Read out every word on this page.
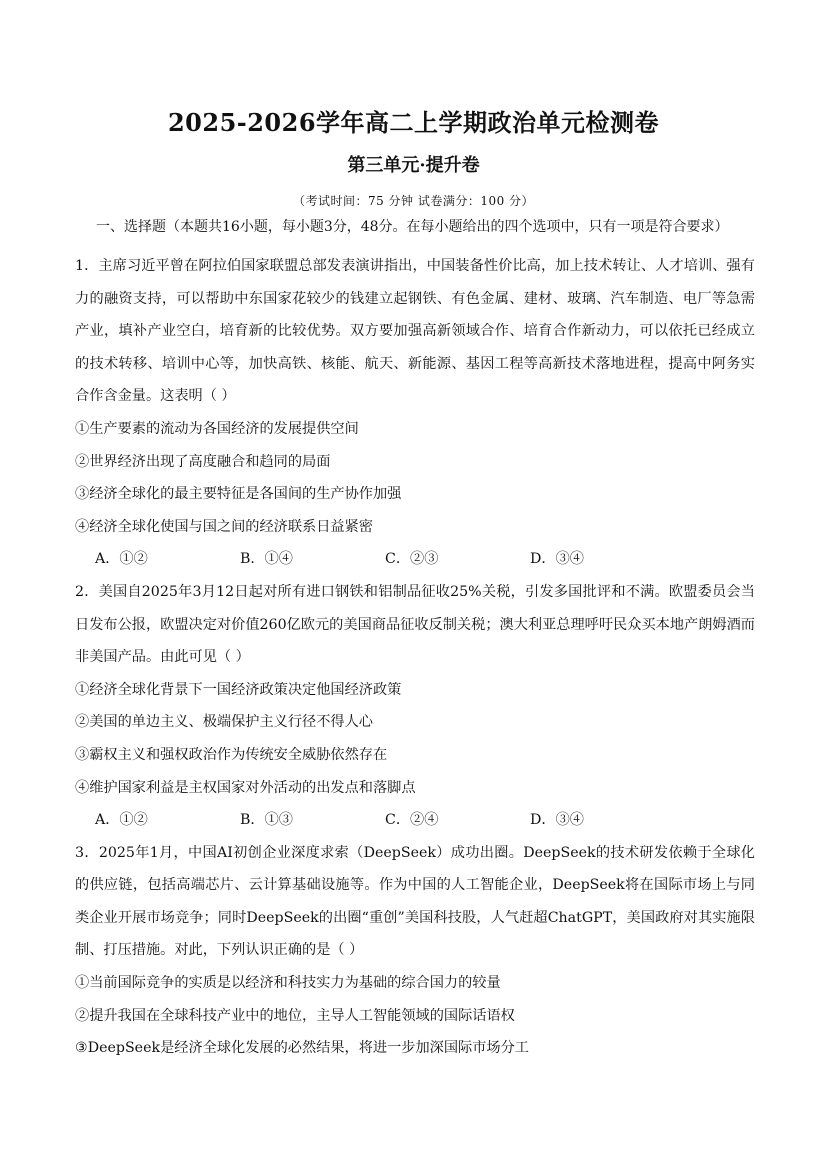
2025-2026学年高二上学期政治单元检测卷
第三单元·提升卷
（考试时间：75 分钟 试卷满分：100 分）
一、选择题（本题共16小题，每小题3分，48分。在每小题给出的四个选项中，只有一项是符合要求）

1．主席习近平曾在阿拉伯国家联盟总部发表演讲指出，中国装备性价比高，加上技术转让、人才培训、强有力的融资支持，可以帮助中东国家花较少的钱建立起钢铁、有色金属、建材、玻璃、汽车制造、电厂等急需产业，填补产业空白，培育新的比较优势。双方要加强高新领域合作、培育合作新动力，可以依托已经成立的技术转移、培训中心等，加快高铁、核能、航天、新能源、基因工程等高新技术落地进程，提高中阿务实合作含金量。这表明（ ）

①生产要素的流动为各国经济的发展提供空间

②世界经济出现了高度融合和趋同的局面

③经济全球化的最主要特征是各国间的生产协作加强

④经济全球化使国与国之间的经济联系日益紧密

A．①②	B．①④	C．②③	D．③④

2．美国自2025年3月12日起对所有进口钢铁和铝制品征收25%关税，引发多国批评和不满。欧盟委员会当日发布公报，欧盟决定对价值260亿欧元的美国商品征收反制关税；澳大利亚总理呼吁民众买本地产朗姆酒而非美国产品。由此可见（ ）

①经济全球化背景下一国经济政策决定他国经济政策

②美国的单边主义、极端保护主义行径不得人心

③霸权主义和强权政治作为传统安全威胁依然存在

④维护国家利益是主权国家对外活动的出发点和落脚点

A．①②	B．①③	C．②④	D．③④

3．2025年1月，中国AI初创企业深度求索（DeepSeek）成功出圈。DeepSeek的技术研发依赖于全球化的供应链，包括高端芯片、云计算基础设施等。作为中国的人工智能企业，DeepSeek将在国际市场上与同类企业开展市场竞争；同时DeepSeek的出圈“重创”美国科技股，人气赶超ChatGPT，美国政府对其实施限制、打压措施。对此，下列认识正确的是（ ）

①当前国际竞争的实质是以经济和科技实力为基础的综合国力的较量

②提升我国在全球科技产业中的地位，主导人工智能领域的国际话语权

③DeepSeek是经济全球化发展的必然结果，将进一步加深国际市场分工
